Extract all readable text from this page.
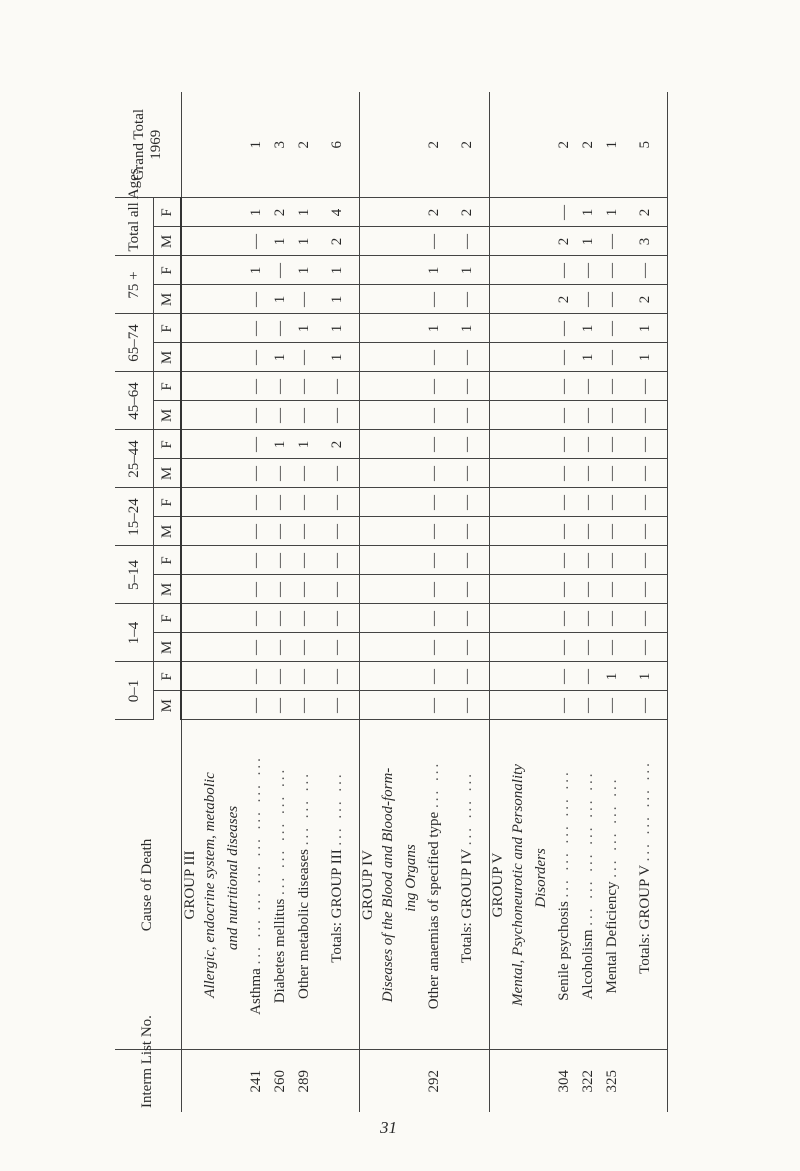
Interm List No.	Cause of Death	0–1		1–4		5–14		15–24		25–44		45–64		65–74		75 +		Total all Ages		Grand Total 1969
		M	F	M	F	M	F	M	F	M	F	M	F	M	F	M	F	M	F	
	GROUP III																			
	Allergic, endocrine system, metabolic																			
	and nutritional diseases																			
241	Asthma ... ... ... ... ... ... ... ...	—	—	—	—	—	—	—	—	—	—	—	—	—	—	—	1	—	1	1
260	Diabetes mellitus ... ... ... ... ...	—	—	—	—	—	—	—	—	—	1	—	—	1	—	1	—	1	2	3
289	Other metabolic diseases ... ... ...	—	—	—	—	—	—	—	—	—	1	—	—	—	1	—	1	1	1	2
	Totals: GROUP III ... ... ...	—	—	—	—	—	—	—	—	—	2	—	—	1	1	1	1	2	4	6
	GROUP IV																			
	Diseases of the Blood and Blood-form-																			
	ing Organs																			
292	Other anaemias of specified type ... ...	—	—	—	—	—	—	—	—	—	—	—	—	—	1	—	1	—	2	2
	Totals: GROUP IV ... ... ...	—	—	—	—	—	—	—	—	—	—	—	—	—	1	—	1	—	2	2
	GROUP V																			
	Mental, Psychoneurotic and Personality																			
	Disorders																			
304	Senile psychosis ... ... ... ... ...	—	—	—	—	—	—	—	—	—	—	—	—	—	—	2	—	2	—	2
322	Alcoholism ... ... ... ... ... ...	—	—	—	—	—	—	—	—	—	—	—	—	1	1	—	—	1	1	2
325	Mental Deficiency ... ... ... ...	—	1	—	—	—	—	—	—	—	—	—	—	—	—	—	—	—	1	1
	Totals: GROUP V ... ... ... ...	—	1	—	—	—	—	—	—	—	—	—	—	1	1	2	—	3	2	5
31
